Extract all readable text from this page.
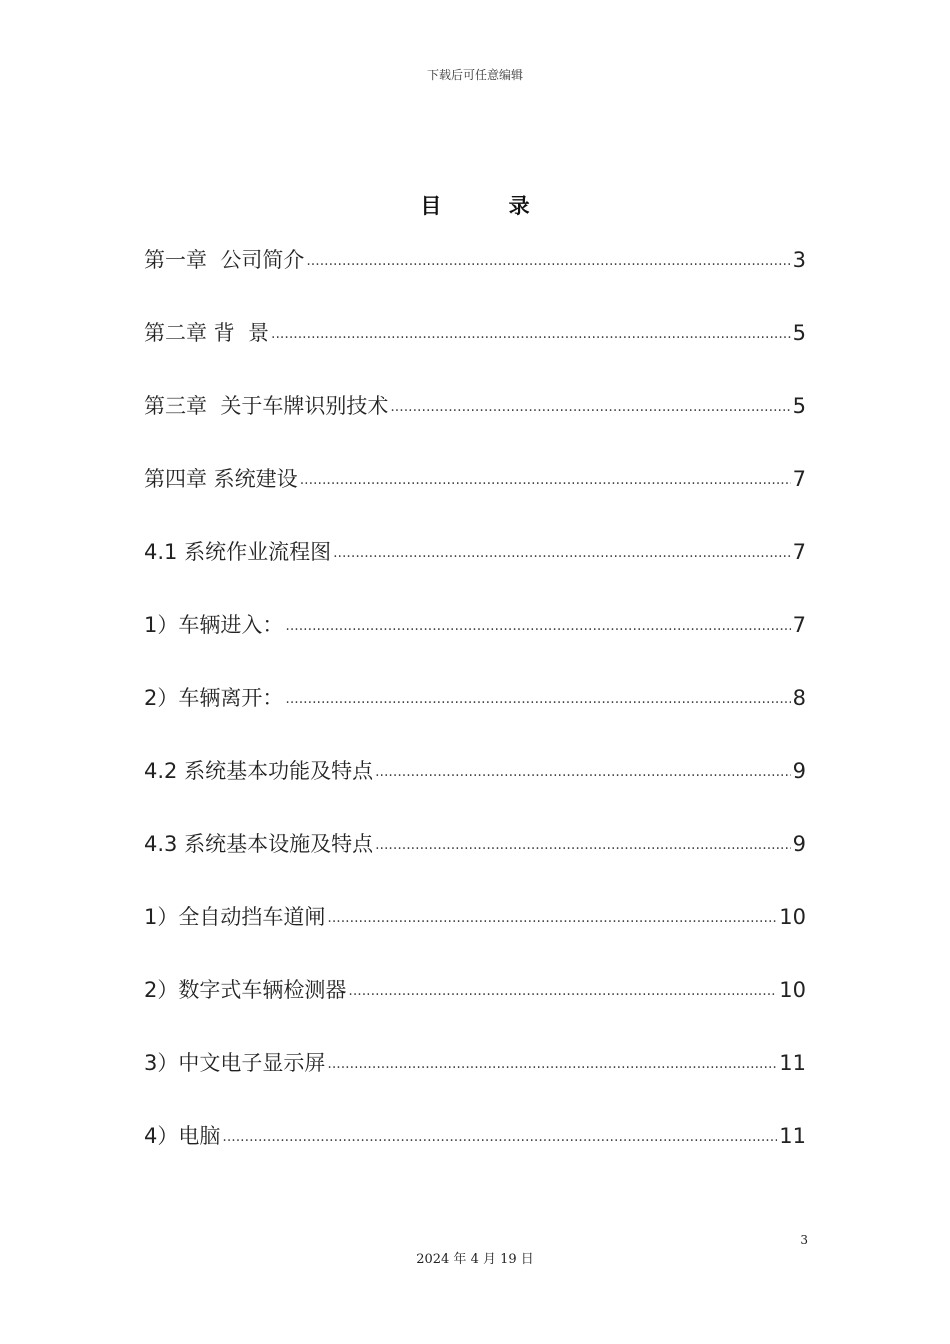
下载后可任意编辑
目 录
第一章  公司简介 .....	3
第二章 背  景 .....	5
第三章  关于车牌识别技术 .....	5
第四章 系统建设 .....	7
4.1 系统作业流程图 .....	7
1）车辆进入： .....	7
2）车辆离开： .....	8
4.2 系统基本功能及特点 .....	9
4.3 系统基本设施及特点 .....	9
1）全自动挡车道闸 .....	10
2）数字式车辆检测器 .....	10
3）中文电子显示屏 .....	11
4）电脑 .....	11
3
2024 年 4 月 19 日
